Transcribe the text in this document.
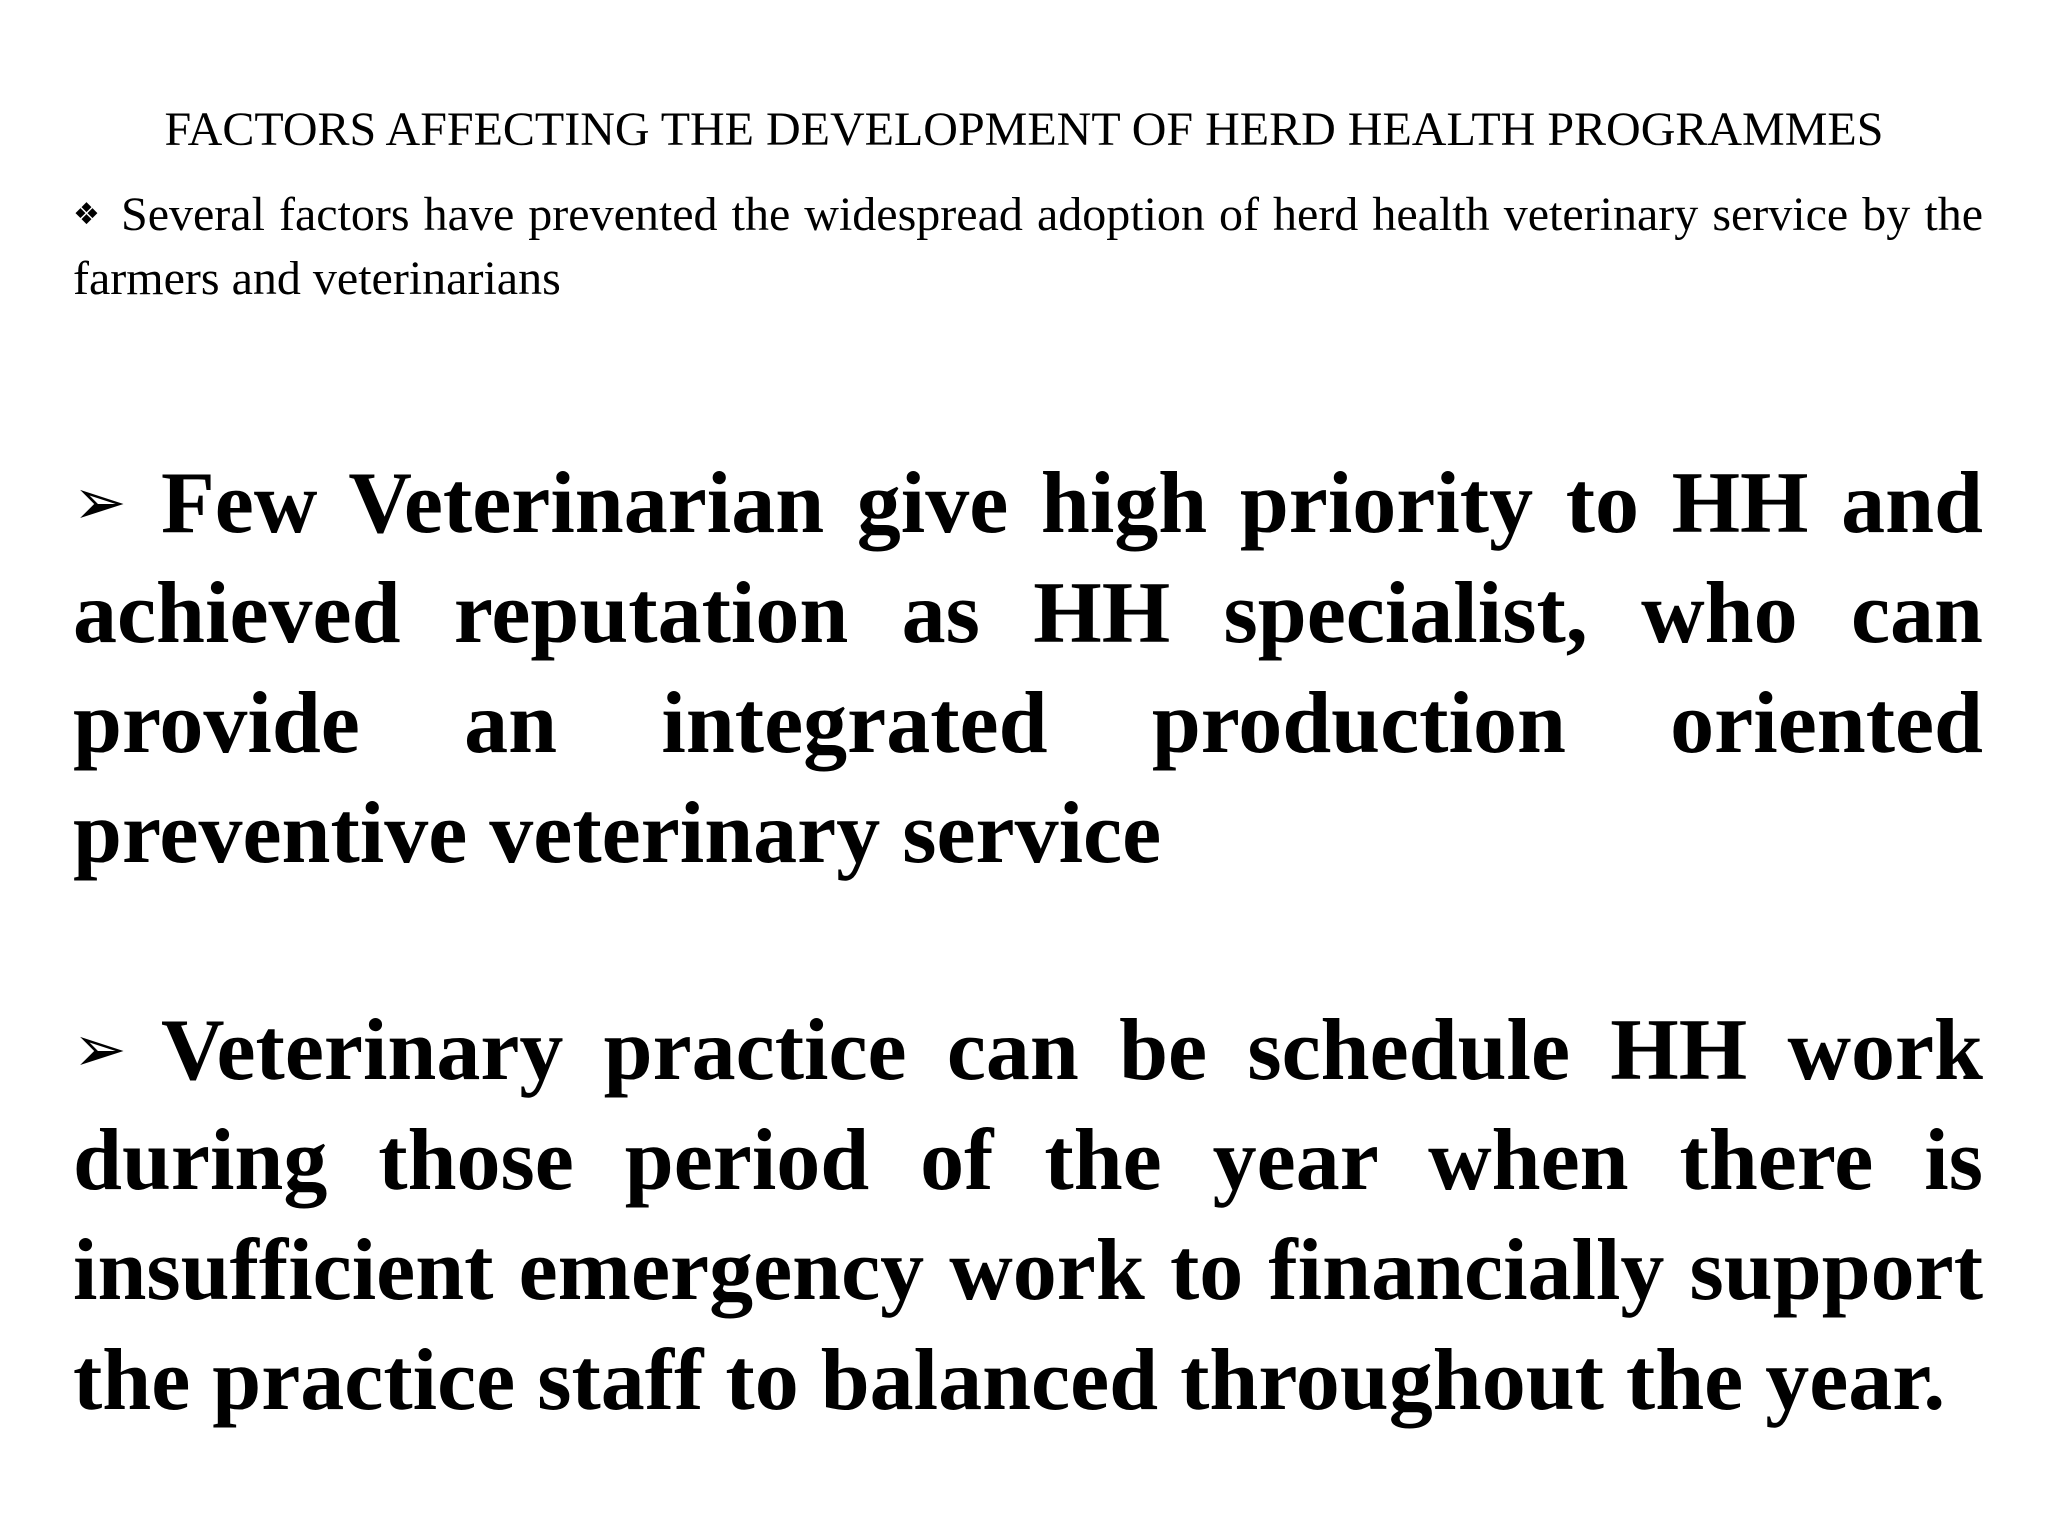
FACTORS AFFECTING THE DEVELOPMENT OF HERD HEALTH PROGRAMMES
❖ Several factors have prevented the widespread adoption of herd health veterinary service by the farmers and veterinarians
➢ Few Veterinarian give high priority to HH and achieved reputation as HH specialist, who can provide an integrated production oriented preventive veterinary service
➢ Veterinary practice can be schedule HH work during those period of the year when there is insufficient emergency work to financially support the practice staff to balanced throughout the year.
